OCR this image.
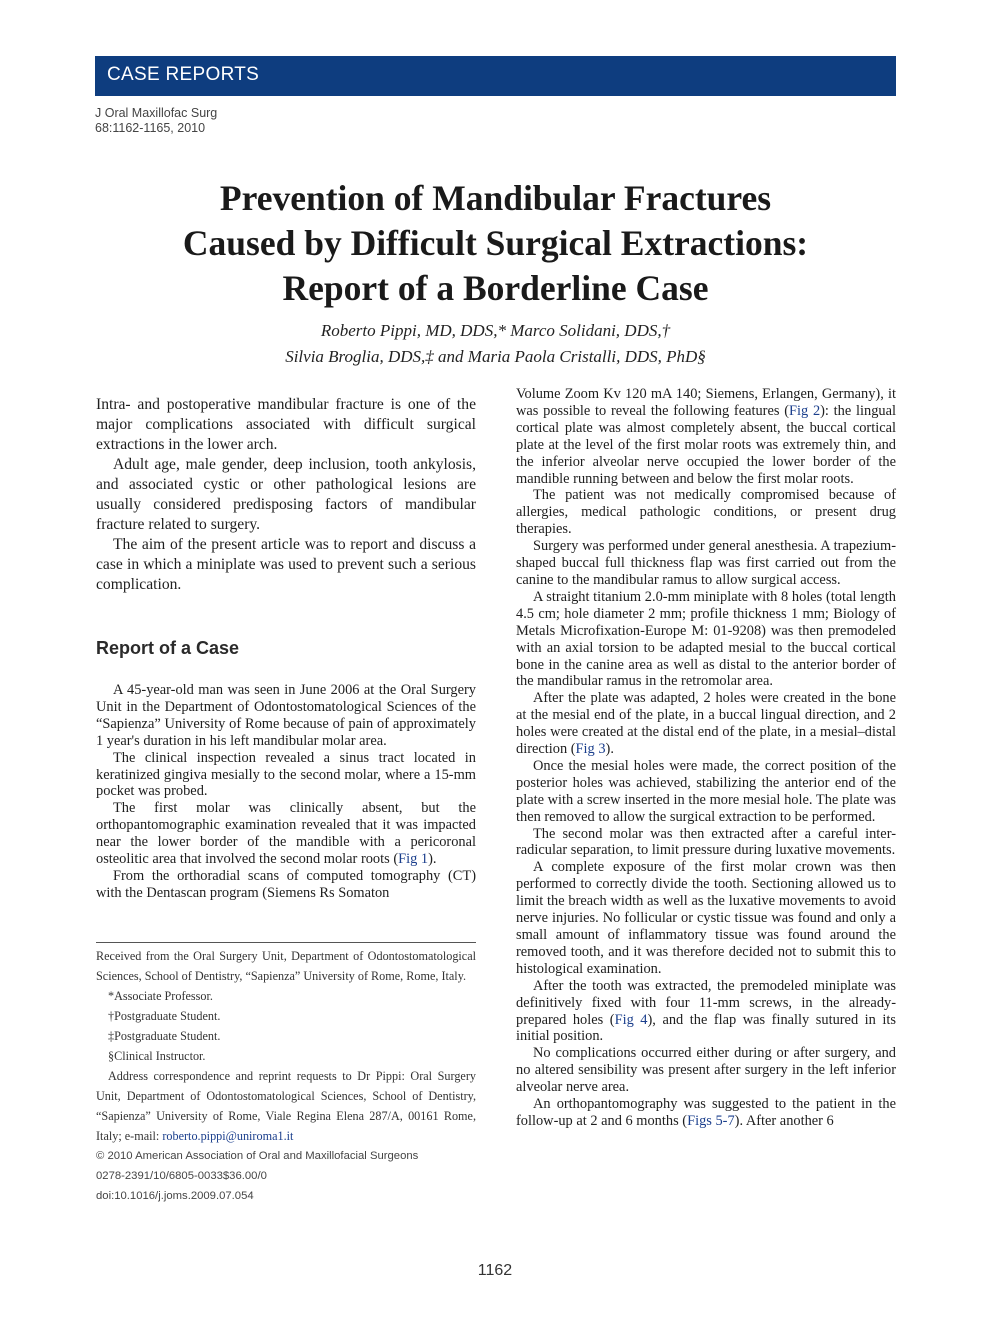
CASE REPORTS
J Oral Maxillofac Surg
68:1162-1165, 2010
Prevention of Mandibular Fractures
Caused by Difficult Surgical Extractions:
Report of a Borderline Case
Roberto Pippi, MD, DDS,* Marco Solidani, DDS,†
Silvia Broglia, DDS,‡ and Maria Paola Cristalli, DDS, PhD§

Intra- and postoperative mandibular fracture is one of the major complications associated with difficult surgical extractions in the lower arch.

Adult age, male gender, deep inclusion, tooth ankylosis, and associated cystic or other pathological lesions are usually considered predisposing factors of mandibular fracture related to surgery.

The aim of the present article was to report and discuss a case in which a miniplate was used to prevent such a serious complication.

Report of a Case

A 45-year-old man was seen in June 2006 at the Oral Surgery Unit in the Department of Odontostomatological Sciences of the “Sapienza” University of Rome because of pain of approximately 1 year's duration in his left mandibular molar area.

The clinical inspection revealed a sinus tract located in keratinized gingiva mesially to the second molar, where a 15-mm pocket was probed.

The first molar was clinically absent, but the orthopantomographic examination revealed that it was impacted near the lower border of the mandible with a pericoronal osteolitic area that involved the second molar roots (Fig 1).

From the orthoradial scans of computed tomography (CT) with the Dentascan program (Siemens Rs Somaton

Received from the Oral Surgery Unit, Department of Odontostomatological Sciences, School of Dentistry, “Sapienza” University of Rome, Rome, Italy.

*Associate Professor.

†Postgraduate Student.

‡Postgraduate Student.

§Clinical Instructor.

Address correspondence and reprint requests to Dr Pippi: Oral Surgery Unit, Department of Odontostomatological Sciences, School of Dentistry, “Sapienza” University of Rome, Viale Regina Elena 287/A, 00161 Rome, Italy; e-mail: roberto.pippi@uniroma1.it

© 2010 American Association of Oral and Maxillofacial Surgeons

0278-2391/10/6805-0033$36.00/0

doi:10.1016/j.joms.2009.07.054

Volume Zoom Kv 120 mA 140; Siemens, Erlangen, Germany), it was possible to reveal the following features (Fig 2): the lingual cortical plate was almost completely absent, the buccal cortical plate at the level of the first molar roots was extremely thin, and the inferior alveolar nerve occupied the lower border of the mandible running between and below the first molar roots.

The patient was not medically compromised because of allergies, medical pathologic conditions, or present drug therapies.

Surgery was performed under general anesthesia. A trapezium-shaped buccal full thickness flap was first carried out from the canine to the mandibular ramus to allow surgical access.

A straight titanium 2.0-mm miniplate with 8 holes (total length 4.5 cm; hole diameter 2 mm; profile thickness 1 mm; Biology of Metals Microfixation-Europe M: 01-9208) was then premodeled with an axial torsion to be adapted mesial to the buccal cortical bone in the canine area as well as distal to the anterior border of the mandibular ramus in the retromolar area.

After the plate was adapted, 2 holes were created in the bone at the mesial end of the plate, in a buccal lingual direction, and 2 holes were created at the distal end of the plate, in a mesial–distal direction (Fig 3).

Once the mesial holes were made, the correct position of the posterior holes was achieved, stabilizing the anterior end of the plate with a screw inserted in the more mesial hole. The plate was then removed to allow the surgical extraction to be performed.

The second molar was then extracted after a careful inter-radicular separation, to limit pressure during luxative movements.

A complete exposure of the first molar crown was then performed to correctly divide the tooth. Sectioning allowed us to limit the breach width as well as the luxative movements to avoid nerve injuries. No follicular or cystic tissue was found and only a small amount of inflammatory tissue was found around the removed tooth, and it was therefore decided not to submit this to histological examination.

After the tooth was extracted, the premodeled miniplate was definitively fixed with four 11-mm screws, in the already-prepared holes (Fig 4), and the flap was finally sutured in its initial position.

No complications occurred either during or after surgery, and no altered sensibility was present after surgery in the left inferior alveolar nerve area.

An orthopantomography was suggested to the patient in the follow-up at 2 and 6 months (Figs 5-7). After another 6

1162
